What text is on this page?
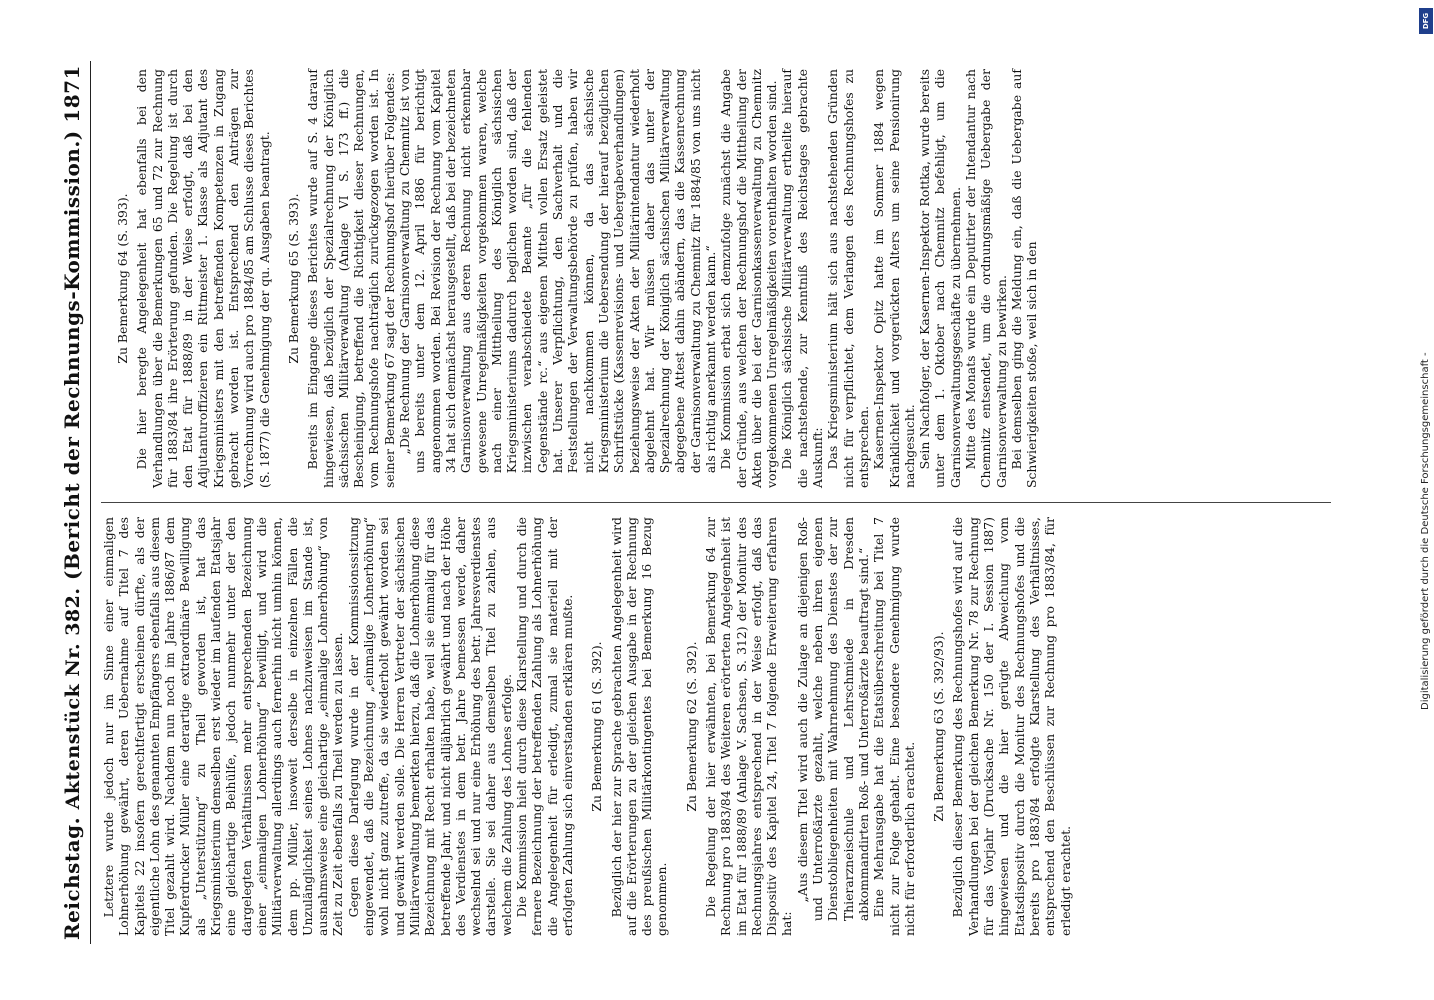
Reichstag.
Aktenstück Nr. 382.
(Bericht der Rechnungs-Kommission.)
1871

Letztere wurde jedoch nur im Sinne einer einmaligen Lohnerhöhung gewährt, deren Uebernahme auf Titel 7 des Kapitels 22 insofern gerechtfertigt erscheinen dürfte, als der eigentliche Lohn des genannten Empfängers ebenfalls aus diesem Titel gezahlt wird. Nachdem nun noch im Jahre 1886/87 dem Kupferdrucker Müller eine derartige extraordinäre Bewilligung als „Unterstützung“ zu Theil geworden ist, hat das Kriegsministerium demselben erst wieder im laufenden Etatsjahr eine gleichartige Beihülfe, jedoch nunmehr unter der den dargelegten Verhältnissen mehr entsprechenden Bezeichnung einer „einmaligen Lohnerhöhung“ bewilligt, und wird die Militärverwaltung allerdings auch fernerhin nicht umhin können, dem pp. Müller, insoweit derselbe in einzelnen Fällen die Unzulänglichkeit seines Lohnes nachzuweisen im Stande ist, ausnahmsweise eine gleichartige „einmalige Lohnerhöhung“ von Zeit zu Zeit ebenfalls zu Theil werden zu lassen. Gegen diese Darlegung wurde in der Kommissionssitzung eingewendet, daß die Bezeichnung „einmalige Lohnerhöhung“ wohl nicht ganz zutreffe, da sie wiederholt gewährt worden sei und gewährt werden solle. Die Herren Vertreter der sächsischen Militärverwaltung bemerkten hierzu, daß die Lohnerhöhung diese Bezeichnung mit Recht erhalten habe, weil sie einmalig für das betreffende Jahr, und nicht alljährlich gewährt und nach der Höhe des Verdienstes in dem betr. Jahre bemessen werde, daher wechselnd sei und nur eine Erhöhung des betr. Jahresverdienstes darstelle. Sie sei daher aus demselben Titel zu zahlen, aus welchem die Zahlung des Lohnes erfolge. Die Kommission hielt durch diese Klarstellung und durch die fernere Bezeichnung der betreffenden Zahlung als Lohnerhöhung die Angelegenheit für erledigt, zumal sie materiell mit der erfolgten Zahlung sich einverstanden erklären mußte. Zu Bemerkung 61 (S. 392). Bezüglich der hier zur Sprache gebrachten Angelegenheit wird auf die Erörterungen zu der gleichen Ausgabe in der Rechnung des preußischen Militärkontingentes bei Bemerkung 16 Bezug genommen.

Zu Bemerkung 62 (S. 392). Die Regelung der hier erwähnten, bei Bemerkung 64 zur Rechnung pro 1883/84 des Weiteren erörterten Angelegenheit ist im Etat für 1888/89 (Anlage V. Sachsen, S. 312) der Monitur des Rechnungsjahres entsprechend in der Weise erfolgt, daß das Dispositiv des Kapitel 24, Titel 7 folgende Erweiterung erfahren hat:

„Aus diesem Titel wird auch die Zulage an diejenigen Roß- und Unterroßärzte gezahlt, welche neben ihren eigenen Dienstobliegenheiten mit Wahrnehmung des Dienstes der zur Thierarzneischule und Lehrschmiede in Dresden abkommandirten Roß- und Unterroßärzte beauftragt sind.“ Eine Mehrausgabe hat die Etatsüberschreitung bei Titel 7 nicht zur Folge gehabt. Eine besondere Genehmigung wurde nicht für erforderlich erachtet.

Zu Bemerkung 63 (S. 392/93). Bezüglich dieser Bemerkung des Rechnungshofes wird auf die Verhandlungen bei der gleichen Bemerkung Nr. 78 zur Rechnung für das Vorjahr (Drucksache Nr. 150 der I. Session 1887) hingewiesen und die hier gerügte Abweichung vom Etatsdispositiv durch die Monitur des Rechnungshofes und die bereits pro 1883/84 erfolgte Klarstellung des Verhältnisses, entsprechend den Beschlüssen zur Rechnung pro 1883/84, für erledigt erachtet.

Zu Bemerkung 64 (S. 393). Die hier beregte Angelegenheit hat ebenfalls bei den Verhandlungen über die Bemerkungen 65 und 72 zur Rechnung für 1883/84 ihre Erörterung gefunden. Die Regelung ist durch den Etat für 1888/89 in der Weise erfolgt, daß bei den Adjutanturoffizieren ein Rittmeister 1. Klasse als Adjutant des Kriegsministers mit den betreffenden Kompetenzen in Zugang gebracht worden ist. Entsprechend den Anträgen zur Vorrechnung wird auch pro 1884/85 am Schlusse dieses Berichtes (S. 1877) die Genehmigung der qu. Ausgaben beantragt. Zu Bemerkung 65 (S. 393). Bereits im Eingange dieses Berichtes wurde auf S. 4 darauf hingewiesen, daß bezüglich der Spezialrechnung der Königlich sächsischen Militärverwaltung (Anlage VI S. 173 ff.) die Bescheinigung, betreffend die Richtigkeit dieser Rechnungen, vom Rechnungshofe nachträglich zurückgezogen worden ist. In seiner Bemerkung 67 sagt der Rechnungshof hierüber Folgendes: „Die Rechnung der Garnisonverwaltung zu Chemnitz ist von uns bereits unter dem 12. April 1886 für berichtigt angenommen worden. Bei Revision der Rechnung vom Kapitel 34 hat sich demnächst herausgestellt, daß bei der bezeichneten Garnisonverwaltung aus deren Rechnung nicht erkennbar gewesene Unregelmäßigkeiten vorgekommen waren, welche nach einer Mittheilung des Königlich sächsischen Kriegsministeriums dadurch beglichen worden sind, daß der inzwischen verabschiedete Beamte „für die fehlenden Gegenstände rc.“ aus eigenen Mitteln vollen Ersatz geleistet hat. Unserer Verpflichtung, den Sachverhalt und die Feststellungen der Verwaltungsbehörde zu prüfen, haben wir nicht nachkommen können, da das sächsische Kriegsministerium die Uebersendung der hierauf bezüglichen Schriftstücke (Kassenrevisions- und Uebergabeverhandlungen) beziehungsweise der Akten der Militärintendantur wiederholt abgelehnt hat. Wir müssen daher das unter der Spezialrechnung der Königlich sächsischen Militärverwaltung abgegebene Attest dahin abändern, das die Kassenrechnung der Garnisonverwaltung zu Chemnitz für 1884/85 von uns nicht als richtig anerkannt werden kann.“ Die Kommission erbat sich demzufolge zunächst die Angabe der Gründe, aus welchen der Rechnungshof die Mittheilung der Akten über die bei der Garnisonkassenverwaltung zu Chemnitz vorgekommenen Unregelmäßigkeiten vorenthalten worden sind. Die Königlich sächsische Militärverwaltung ertheilte hierauf die nachstehende, zur Kenntniß des Reichstages gebrachte Auskunft: Das Kriegsministerium hält sich aus nachstehenden Gründen nicht für verpflichtet, dem Verlangen des Rechnungshofes zu entsprechen. Kasernen-Inspektor Opitz hatte im Sommer 1884 wegen Kränklichkeit und vorgerückten Alters um seine Pensionirung nachgesucht. Sein Nachfolger, der Kasernen-Inspektor Rottka, wurde bereits unter dem 1. Oktober nach Chemnitz befehligt, um die Garnisonverwaltungsgeschäfte zu übernehmen. Mitte des Monats wurde ein Deputirter der Intendantur nach Chemnitz entsendet, um die ordnungsmäßige Uebergabe der Garnisonverwaltung zu bewirken. Bei demselben ging die Meldung ein, daß die Uebergabe auf Schwierigkeiten stoße, weil sich in den	Digitalisierung gefördert durch die Deutsche Forschungsgemeinschaft -
DFG
